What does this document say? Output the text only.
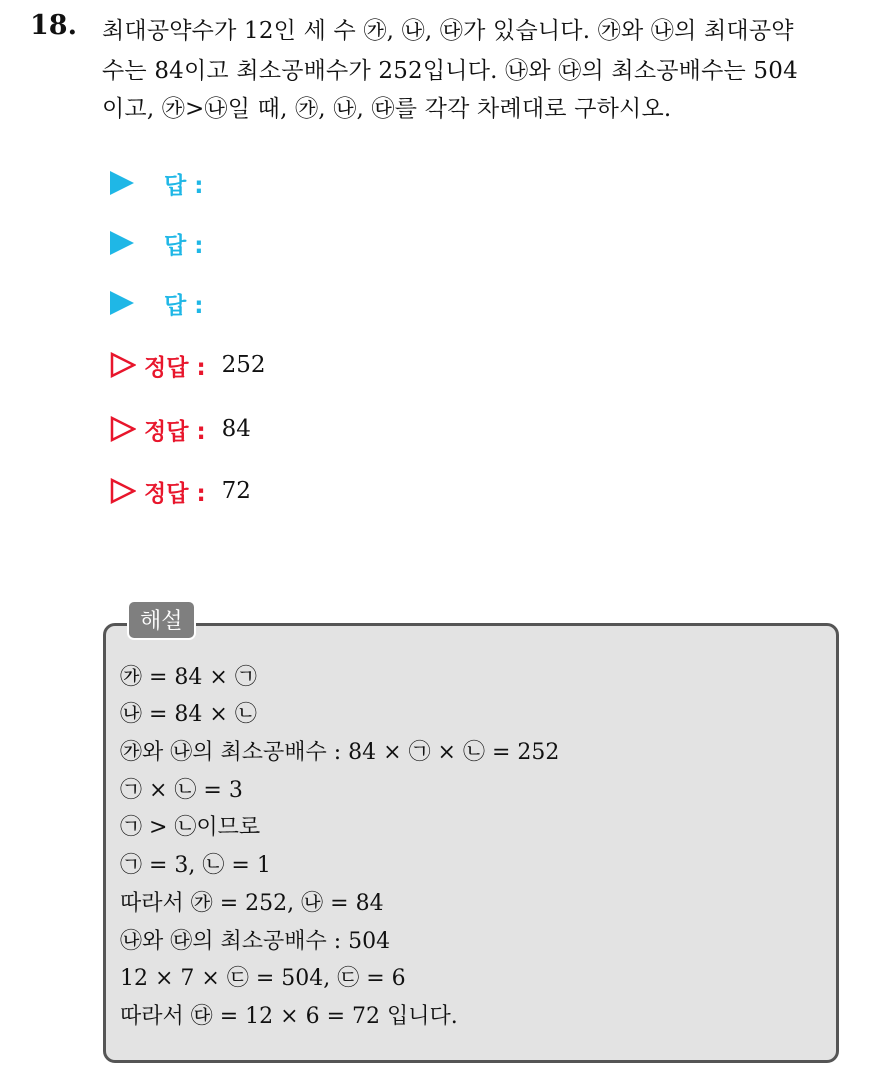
18. 최대공약수가 12인 세 수 ㉮, ㉯, ㉰가 있습니다. ㉮와 ㉯의 최대공약
수는 84이고 최소공배수가 252입니다. ㉯와 ㉰의 최소공배수는 504
이고, ㉮>㉯일 때, ㉮, ㉯, ㉰를 각각 차례대로 구하시오.
답 :
답 :
답 :
정답 : 252
정답 : 84
정답 : 72
해설
㉮ = 84 × ㉠
㉯ = 84 × ㉡
㉮와 ㉯의 최소공배수 : 84 × ㉠ × ㉡ = 252
㉠ × ㉡ = 3
㉠ > ㉡이므로
㉠ = 3, ㉡ = 1
따라서 ㉮ = 252, ㉯ = 84
㉯와 ㉰의 최소공배수 : 504
12 × 7 × ㉢ = 504, ㉢ = 6
따라서 ㉰ = 12 × 6 = 72 입니다.
